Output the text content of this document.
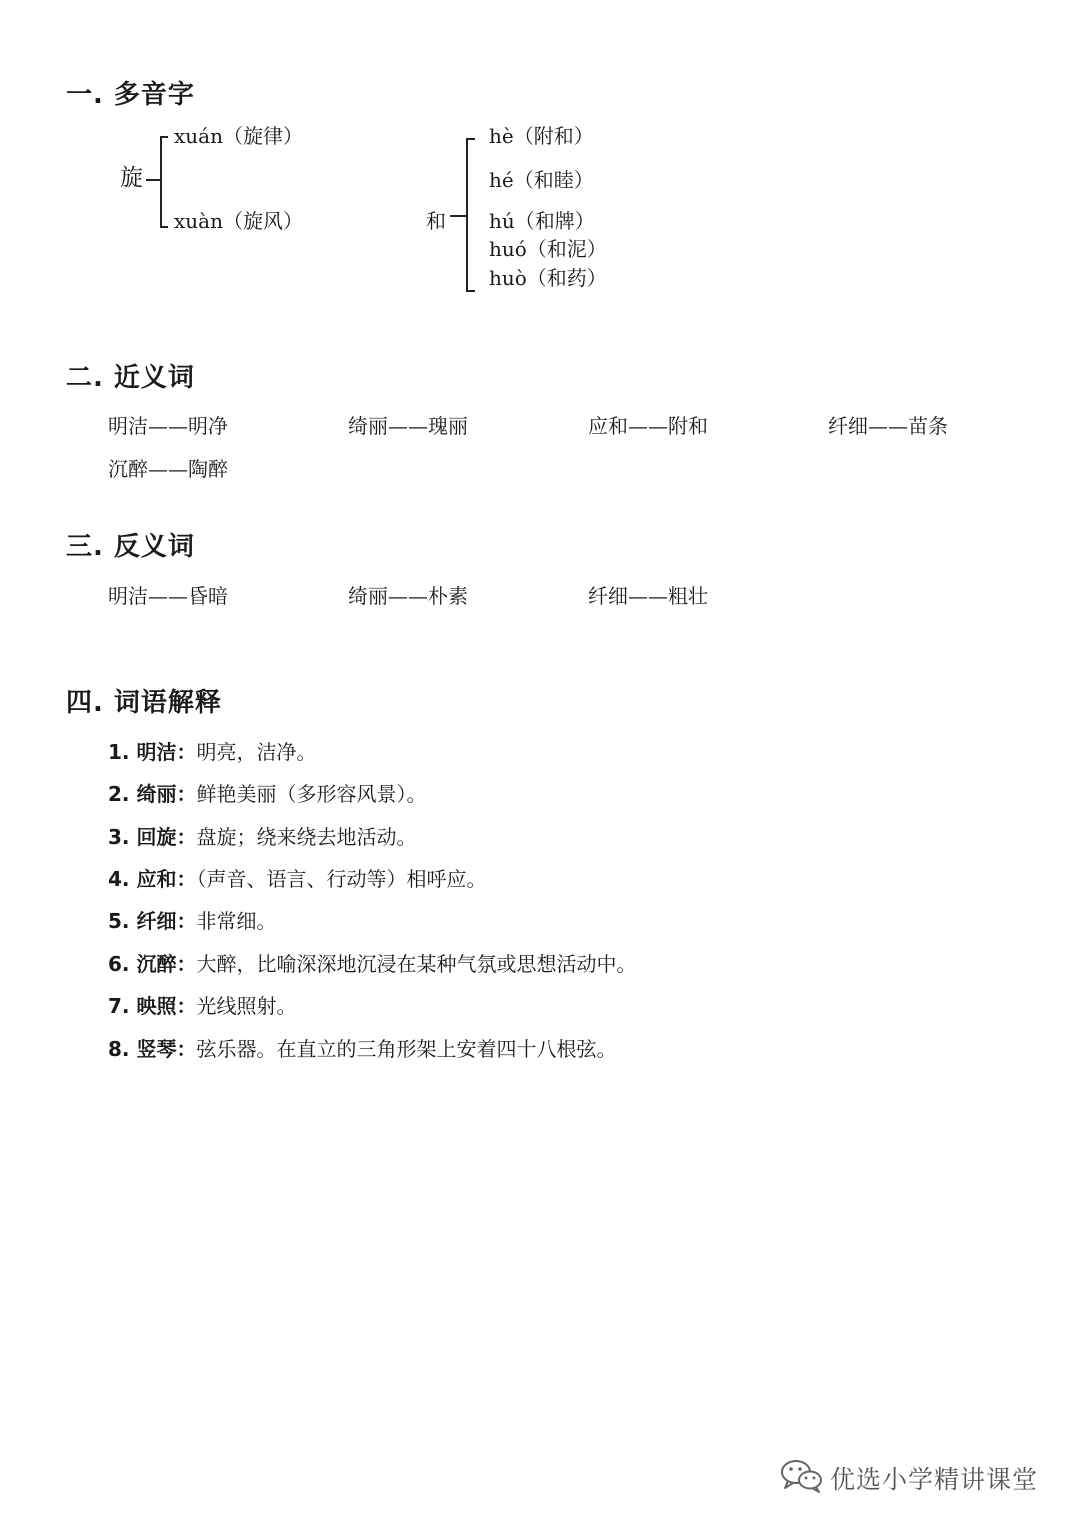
一. 多音字
旋
xuán（旋律）
xuàn（旋风）	和
hè（附和）
hé（和睦）
hú（和牌）
huó（和泥）
huò（和药）
二. 近义词
明洁——明净	绮丽——瑰丽	应和——附和	纤细——苗条
沉醉——陶醉
三. 反义词
明洁——昏暗	绮丽——朴素	纤细——粗壮
四. 词语解释
1. 明洁：明亮，洁净。
2. 绮丽：鲜艳美丽（多形容风景）。
3. 回旋：盘旋；绕来绕去地活动。
4. 应和：（声音、语言、行动等）相呼应。
5. 纤细：非常细。
6. 沉醉：大醉，比喻深深地沉浸在某种气氛或思想活动中。
7. 映照：光线照射。
8. 竖琴：弦乐器。在直立的三角形架上安着四十八根弦。
优选小学精讲课堂
